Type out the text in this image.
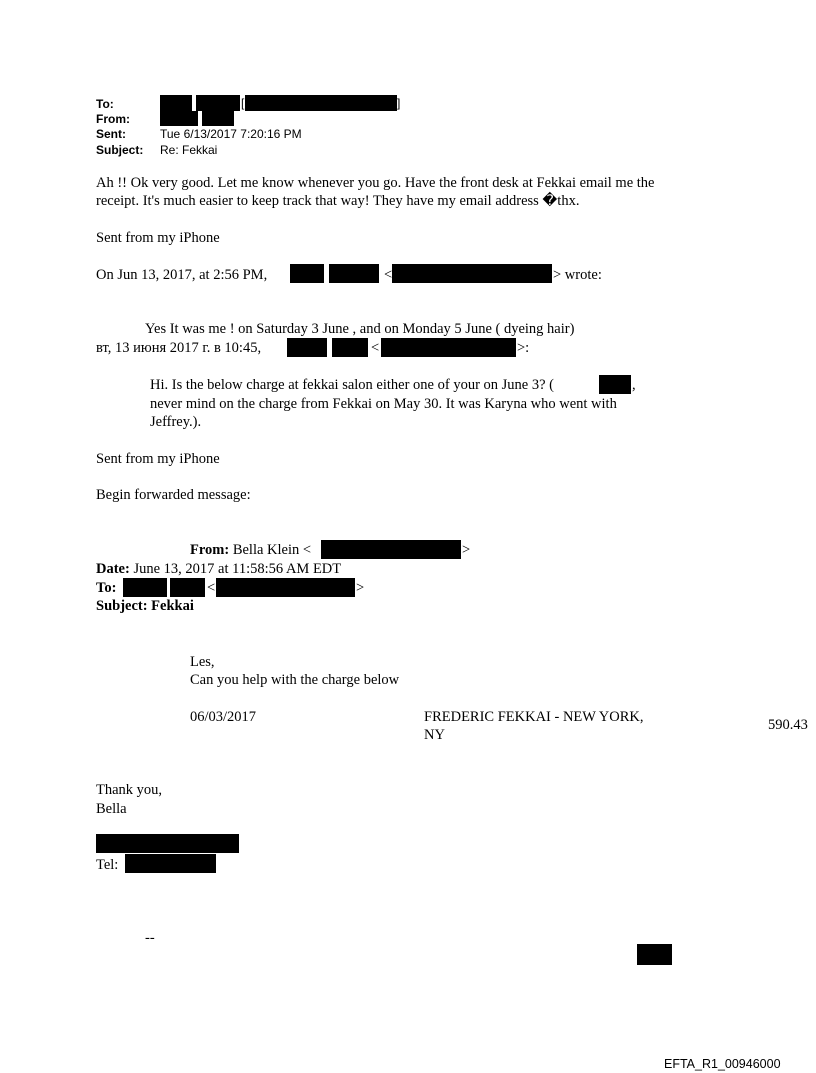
To:	[	]
From:
Sent:	Tue 6/13/2017 7:20:16 PM
Subject: Re: Fekkai
Ah !! Ok very good. Let me know whenever you go. Have the front desk at Fekkai email me the
receipt. It's much easier to keep track that way! They have my email address �thx.
Sent from my iPhone
On Jun 13, 2017, at 2:56 PM,	<	> wrote:
Yes It was me ! on Saturday 3 June , and on Monday 5 June ( dyeing hair)
вт, 13 июня 2017 г. в 10:45,	<	>:
Hi. Is the below charge at fekkai salon either one of your on June 3? (	,
never mind on the charge from Fekkai on May 30. It was Karyna who went with
Jeffrey.).
Sent from my iPhone
Begin forwarded message:
From: Bella Klein <	>
Date: June 13, 2017 at 11:58:56 AM EDT
To:	<	>
Subject: Fekkai
Les,
Can you help with the charge below
06/03/2017	FREDERIC FEKKAI - NEW YORK,
NY
590.43
Thank you,
Bella
Tel:
--
EFTA_R1_00946000
